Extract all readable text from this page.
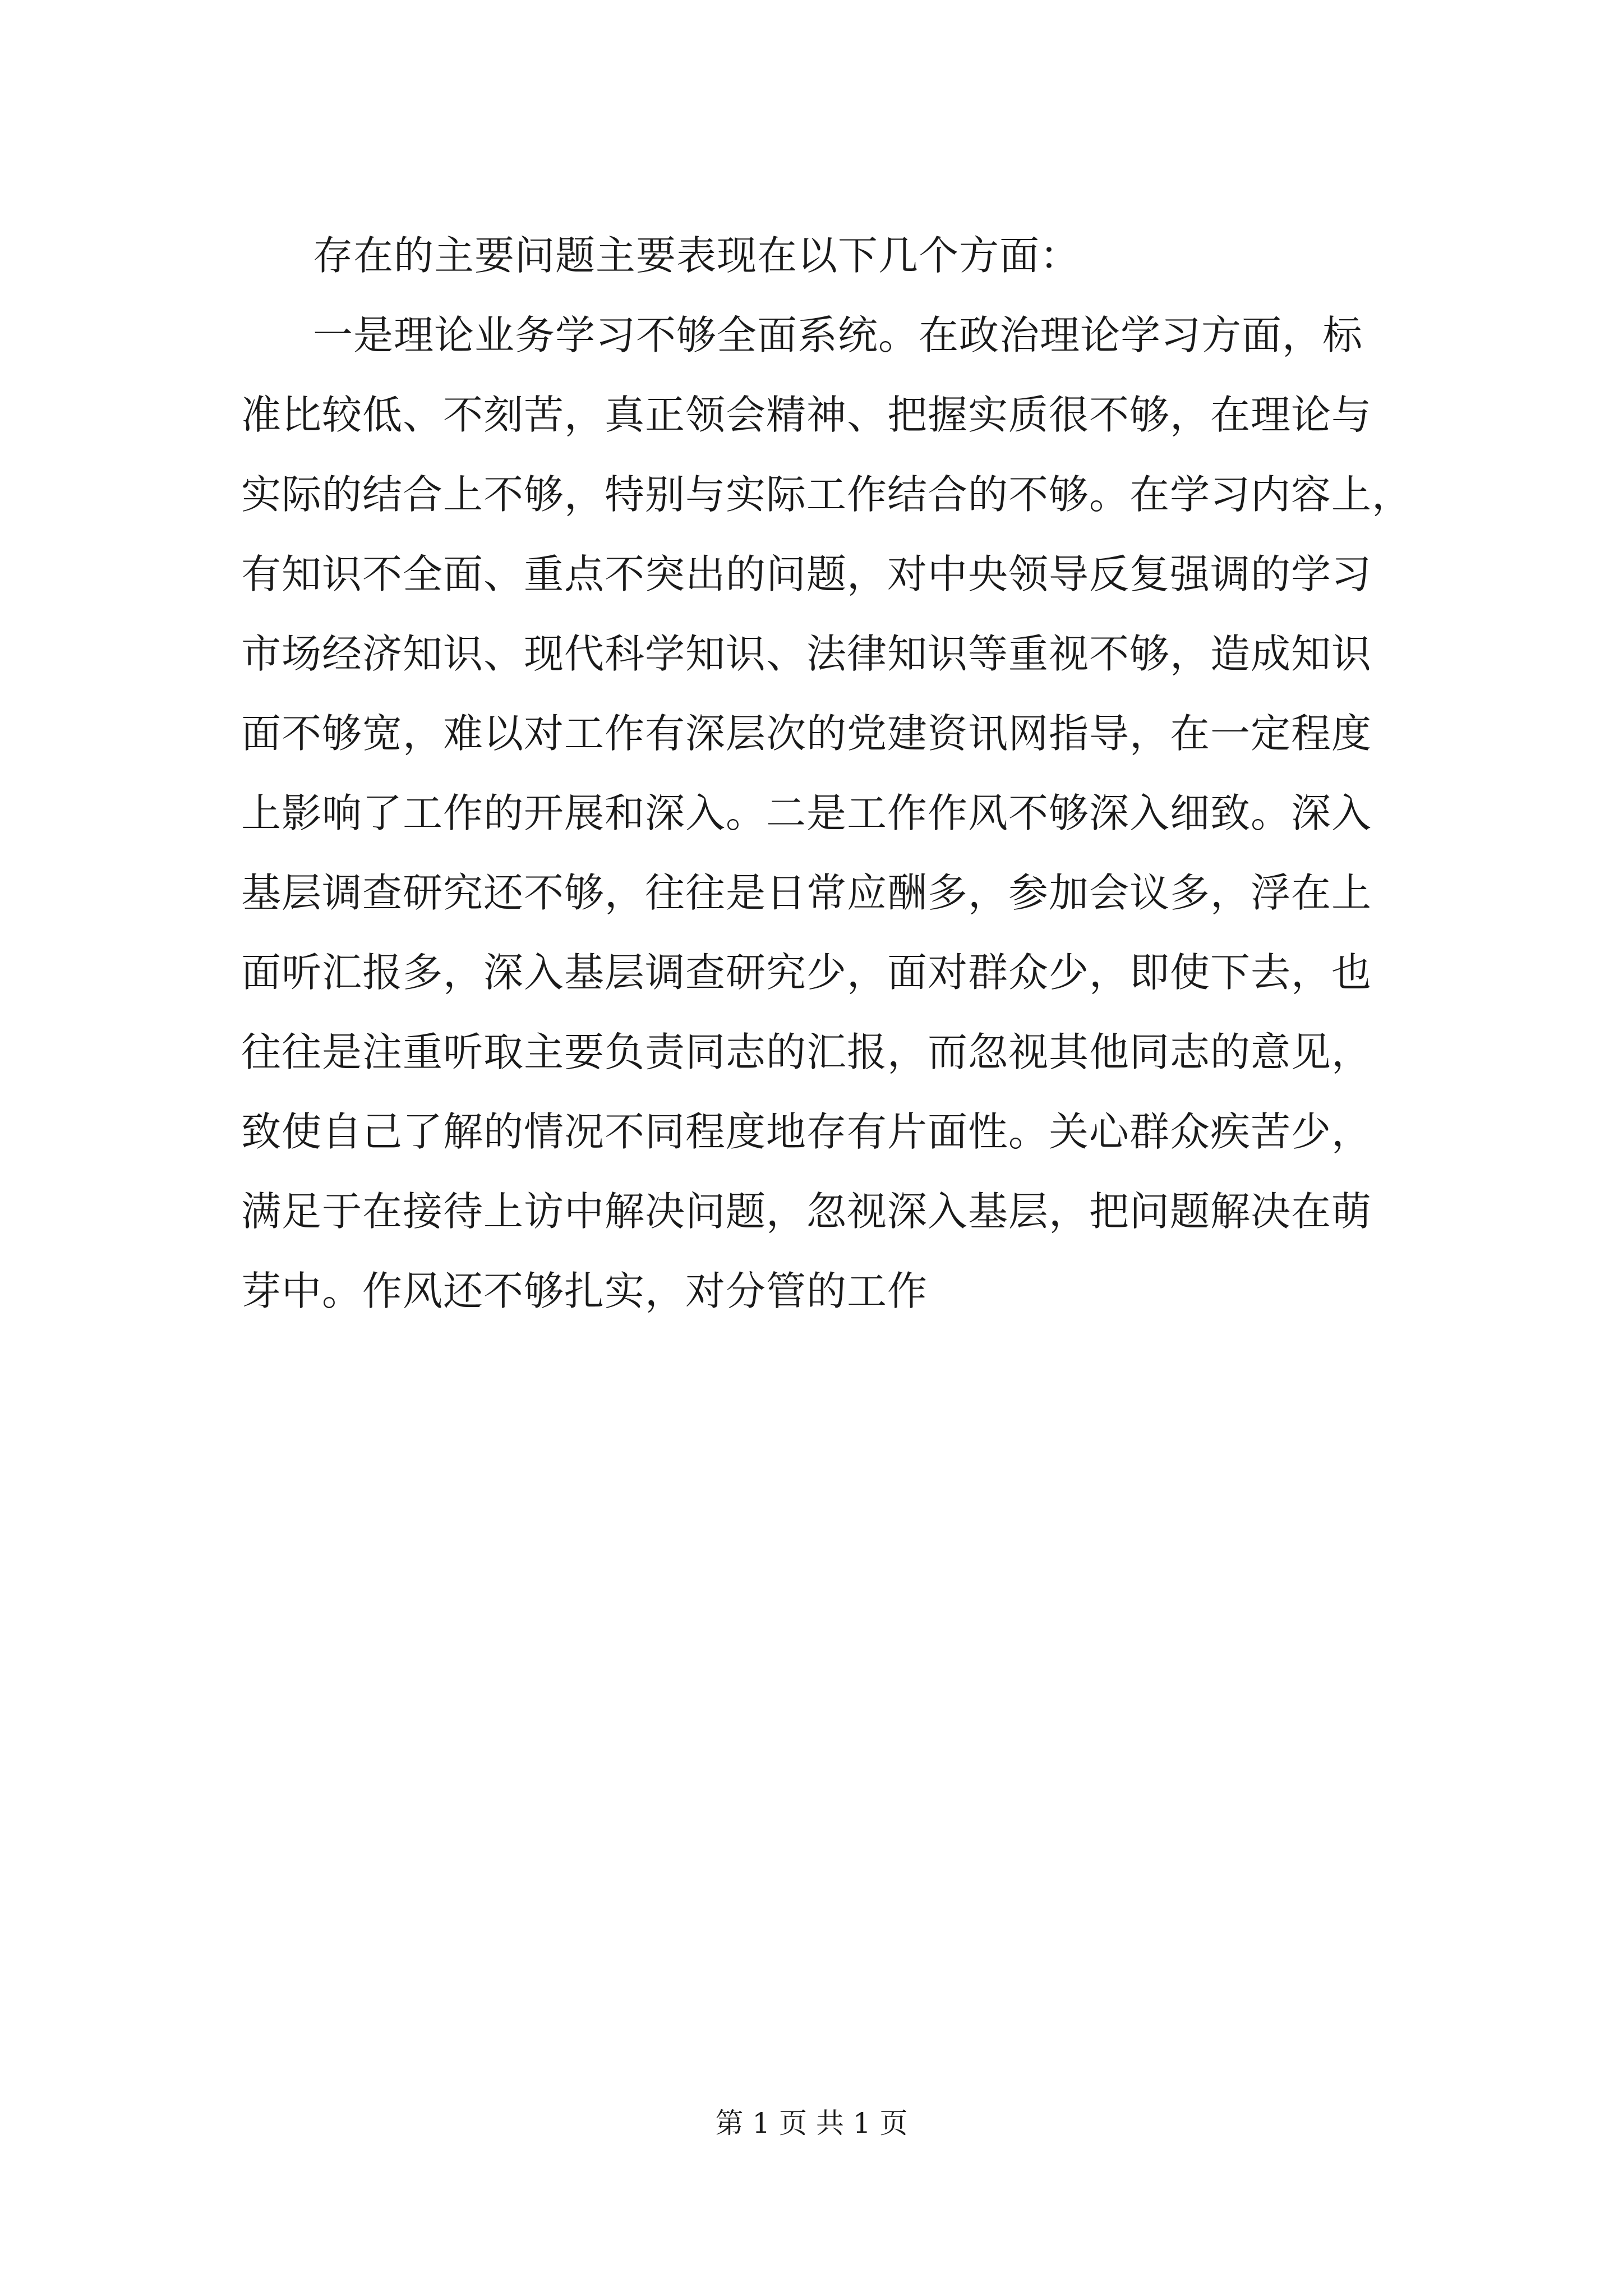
存在的主要问题主要表现在以下几个方面：
一是理论业务学习不够全面系统。在政治理论学习方面，标
准比较低、不刻苦，真正领会精神、把握实质很不够，在理论与
实际的结合上不够，特别与实际工作结合的不够。在学习内容上，
有知识不全面、重点不突出的问题，对中央领导反复强调的学习
市场经济知识、现代科学知识、法律知识等重视不够，造成知识
面不够宽，难以对工作有深层次的党建资讯网指导，在一定程度
上影响了工作的开展和深入。二是工作作风不够深入细致。深入
基层调查研究还不够，往往是日常应酬多，参加会议多，浮在上
面听汇报多，深入基层调查研究少，面对群众少，即使下去，也
往往是注重听取主要负责同志的汇报，而忽视其他同志的意见，
致使自己了解的情况不同程度地存有片面性。关心群众疾苦少，
满足于在接待上访中解决问题，忽视深入基层，把问题解决在萌
芽中。作风还不够扎实，对分管的工作
第 1 页 共 1 页
